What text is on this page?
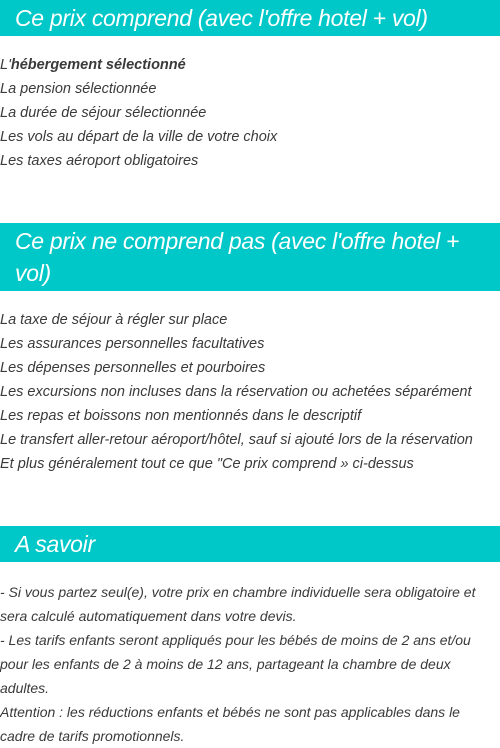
Ce prix comprend (avec l'offre hotel + vol)
L'hébergement sélectionné
La pension sélectionnée
La durée de séjour sélectionnée
Les vols au départ de la ville de votre choix
Les taxes aéroport obligatoires
Ce prix ne comprend pas (avec l'offre hotel + vol)
La taxe de séjour à régler sur place
Les assurances personnelles facultatives
Les dépenses personnelles et pourboires
Les excursions non incluses dans la réservation ou achetées séparément
Les repas et boissons non mentionnés dans le descriptif
Le transfert aller-retour aéroport/hôtel, sauf si ajouté lors de la réservation
Et plus généralement tout ce que "Ce prix comprend » ci-dessus
A savoir

- Si vous partez seul(e), votre prix en chambre individuelle sera obligatoire et sera calculé automatiquement dans votre devis.

- Les tarifs enfants seront appliqués pour les bébés de moins de 2 ans et/ou pour les enfants de 2 à moins de 12 ans, partageant la chambre de deux adultes.

Attention : les réductions enfants et bébés ne sont pas applicables dans le cadre de tarifs promotionnels.
